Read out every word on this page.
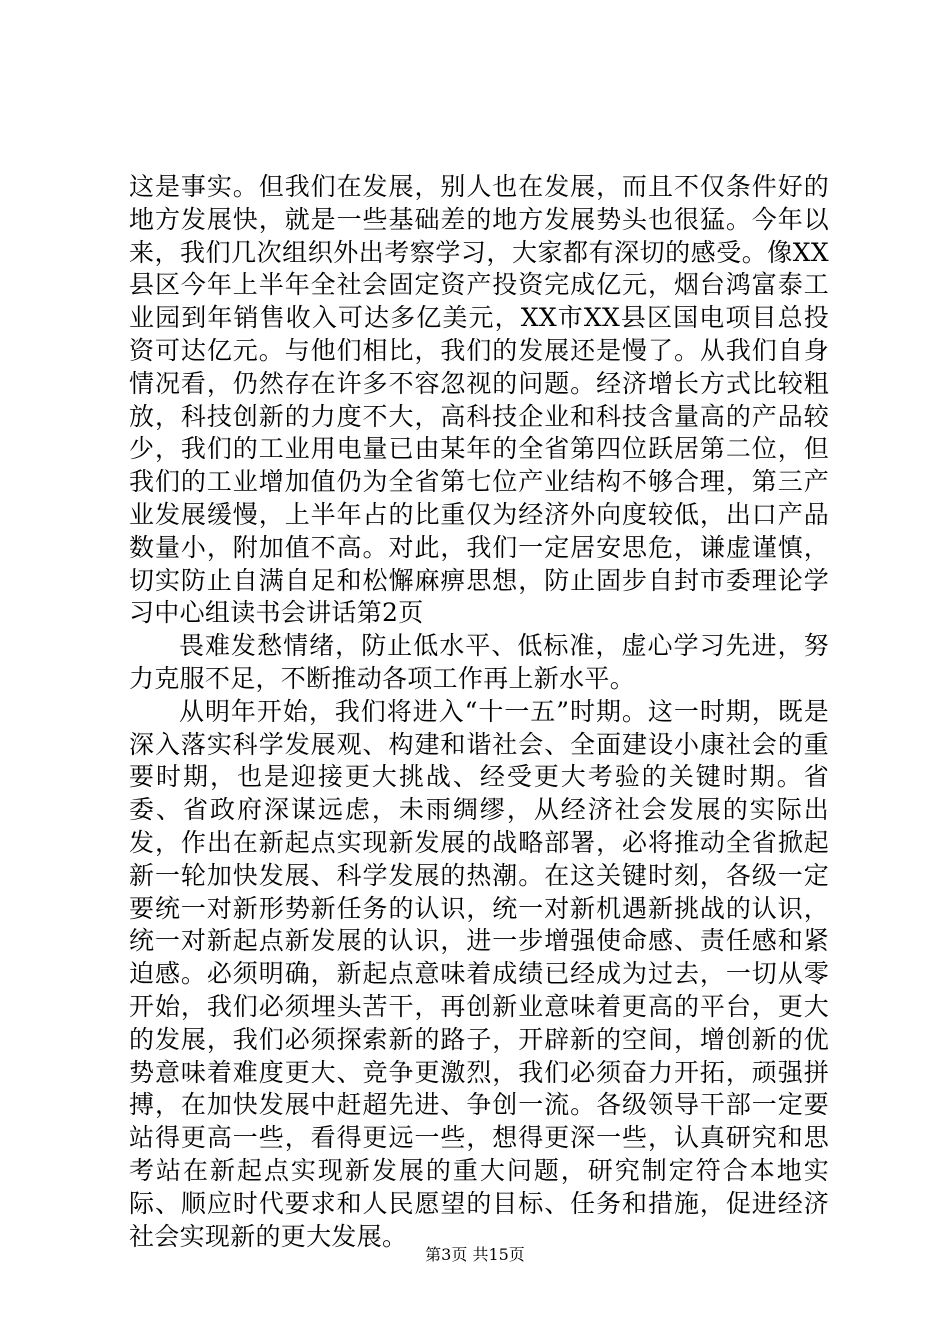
这是事实。但我们在发展，别人也在发展，而且不仅条件好的地方发展快，就是一些基础差的地方发展势头也很猛。今年以来，我们几次组织外出考察学习，大家都有深切的感受。像XX县区今年上半年全社会固定资产投资完成亿元，烟台鸿富泰工业园到年销售收入可达多亿美元，XX市XX县区国电项目总投资可达亿元。与他们相比，我们的发展还是慢了。从我们自身情况看，仍然存在许多不容忽视的问题。经济增长方式比较粗放，科技创新的力度不大，高科技企业和科技含量高的产品较少，我们的工业用电量已由某年的全省第四位跃居第二位，但我们的工业增加值仍为全省第七位产业结构不够合理，第三产业发展缓慢，上半年占的比重仅为经济外向度较低，出口产品数量小，附加值不高。对此，我们一定居安思危，谦虚谨慎，切实防止自满自足和松懈麻痹思想，防止固步自封市委理论学习中心组读书会讲话第2页

畏难发愁情绪，防止低水平、低标准，虚心学习先进，努力克服不足，不断推动各项工作再上新水平。

从明年开始，我们将进入“十一五”时期。这一时期，既是深入落实科学发展观、构建和谐社会、全面建设小康社会的重要时期，也是迎接更大挑战、经受更大考验的关键时期。省委、省政府深谋远虑，未雨绸缪，从经济社会发展的实际出发，作出在新起点实现新发展的战略部署，必将推动全省掀起新一轮加快发展、科学发展的热潮。在这关键时刻，各级一定要统一对新形势新任务的认识，统一对新机遇新挑战的认识，统一对新起点新发展的认识，进一步增强使命感、责任感和紧迫感。必须明确，新起点意味着成绩已经成为过去，一切从零开始，我们必须埋头苦干，再创新业意味着更高的平台，更大的发展，我们必须探索新的路子，开辟新的空间，增创新的优势意味着难度更大、竞争更激烈，我们必须奋力开拓，顽强拼搏，在加快发展中赶超先进、争创一流。各级领导干部一定要站得更高一些，看得更远一些，想得更深一些，认真研究和思考站在新起点实现新发展的重大问题，研究制定符合本地实际、顺应时代要求和人民愿望的目标、任务和措施，促进经济社会实现新的更大发展。

第3页 共15页
